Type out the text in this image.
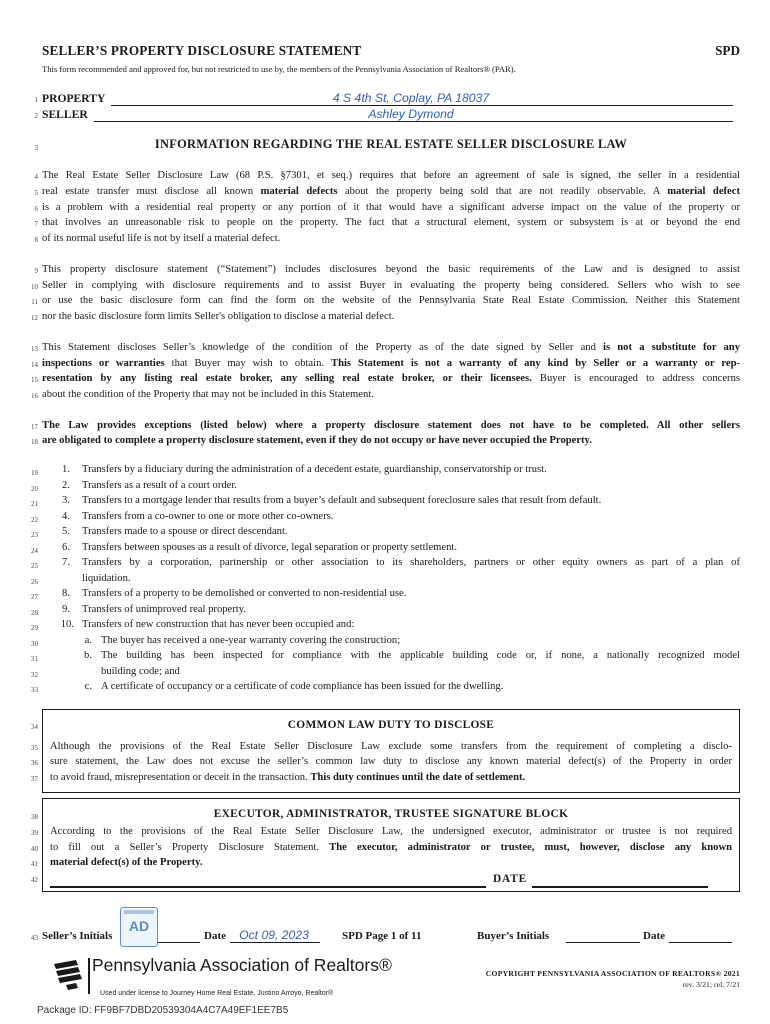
SELLER’S PROPERTY DISCLOSURE STATEMENT	SPD
This form recommended and approved for, but not restricted to use by, the members of the Pennsylvania Association of Realtors® (PAR).
1 PROPERTY	4 S 4th St, Coplay, PA 18037
2 SELLER	Ashley Dymond
3	INFORMATION REGARDING THE REAL ESTATE SELLER DISCLOSURE LAW
4 The Real Estate Seller Disclosure Law (68 P.S. §7301, et seq.) requires that before an agreement of sale is signed, the seller in a residential
5 real estate transfer must disclose all known material defects about the property being sold that are not readily observable. A material defect
6 is a problem with a residential real property or any portion of it that would have a significant adverse impact on the value of the property or
7 that involves an unreasonable risk to people on the property. The fact that a structural element, system or subsystem is at or beyond the end
8 of its normal useful life is not by itself a material defect.
9 This property disclosure statement (“Statement”) includes disclosures beyond the basic requirements of the Law and is designed to assist
10 Seller in complying with disclosure requirements and to assist Buyer in evaluating the property being considered. Sellers who wish to see
11 or use the basic disclosure form can find the form on the website of the Pennsylvania State Real Estate Commission. Neither this Statement
12 nor the basic disclosure form limits Seller's obligation to disclose a material defect.
13 This Statement discloses Seller’s knowledge of the condition of the Property as of the date signed by Seller and is not a substitute for any
14 inspections or warranties that Buyer may wish to obtain. This Statement is not a warranty of any kind by Seller or a warranty or rep-
15 resentation by any listing real estate broker, any selling real estate broker, or their licensees. Buyer is encouraged to address concerns
16 about the condition of the Property that may not be included in this Statement.
17 The Law provides exceptions (listed below) where a property disclosure statement does not have to be completed. All other sellers
18 are obligated to complete a property disclosure statement, even if they do not occupy or have never occupied the Property.
19	1. Transfers by a fiduciary during the administration of a decedent estate, guardianship, conservatorship or trust.
20	2. Transfers as a result of a court order.
21	3. Transfers to a mortgage lender that results from a buyer’s default and subsequent foreclosure sales that result from default.
22	4. Transfers from a co-owner to one or more other co-owners.
23	5. Transfers made to a spouse or direct descendant.
24	6. Transfers between spouses as a result of divorce, legal separation or property settlement.
25	7. Transfers by a corporation, partnership or other association to its shareholders, partners or other equity owners as part of a plan of
26	liquidation.
27	8. Transfers of a property to be demolished or converted to non-residential use.
28	9. Transfers of unimproved real property.
29	10. Transfers of new construction that has never been occupied and:
30	a. The buyer has received a one-year warranty covering the construction;
31	b. The building has been inspected for compliance with the applicable building code or, if none, a nationally recognized model
32	building code; and
33	c. A certificate of occupancy or a certificate of code compliance has been issued for the dwelling.
COMMON LAW DUTY TO DISCLOSE
34
35 Although the provisions of the Real Estate Seller Disclosure Law exclude some transfers from the requirement of completing a disclo-
36 sure statement, the Law does not excuse the seller’s common law duty to disclose any known material defect(s) of the Property in order
37 to avoid fraud, misrepresentation or deceit in the transaction. This duty continues until the date of settlement.
EXECUTOR, ADMINISTRATOR, TRUSTEE SIGNATURE BLOCK
38
39 According to the provisions of the Real Estate Seller Disclosure Law, the undersigned executor, administrator or trustee is not required
40 to fill out a Seller’s Property Disclosure Statement. The executor, administrator or trustee, must, however, disclose any known
41 material defect(s) of the Property.
42	DATE
43 Seller’s Initials
AD
Date	Oct 09, 2023	SPD Page 1 of 11	Buyer’s Initials	Date
Pennsylvania Association of Realtors®
Used under license to Journey Home Real Estate, Justino Arroyo, Realtor®
COPYRIGHT PENNSYLVANIA ASSOCIATION OF REALTORS® 2021
rev. 3/21; rel. 7/21
Package ID: FF9BF7DBD20539304A4C7A49EF1EE7B5
